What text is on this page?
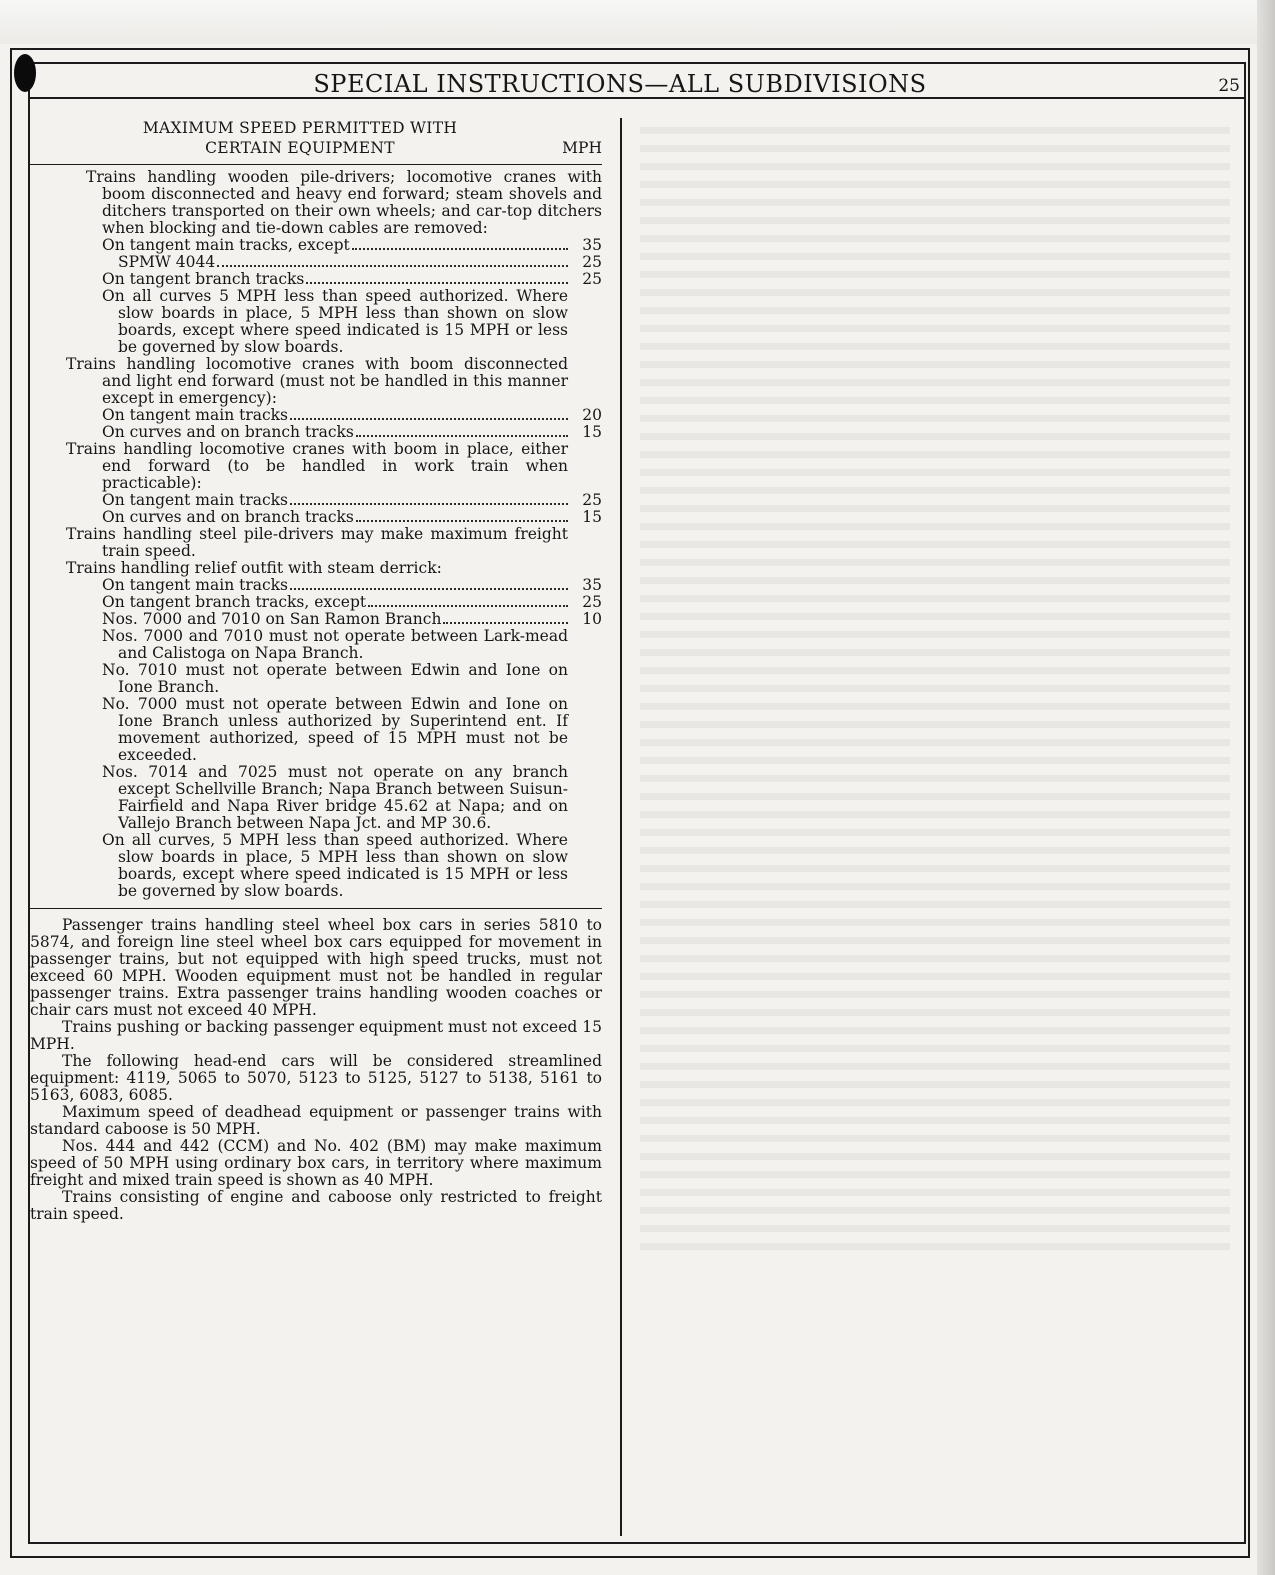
SPECIAL INSTRUCTIONS—ALL SUBDIVISIONS	25
MAXIMUM SPEED PERMITTED WITH
CERTAIN EQUIPMENT	MPH
Trains handling wooden pile-drivers; locomotive cranes with boom disconnected and heavy end forward; steam shovels and ditchers transported on their own wheels; and car-top ditchers when blocking and tie-down cables are removed:
On tangent main tracks, except	35
SPMW 4044	25
On tangent branch tracks	25
On all curves 5 MPH less than speed authorized. Where slow boards in place, 5 MPH less than shown on slow boards, except where speed indicated is 15 MPH or less be governed by slow boards.
Trains handling locomotive cranes with boom disconnected and light end forward (must not be handled in this manner except in emergency):
On tangent main tracks	20
On curves and on branch tracks	15
Trains handling locomotive cranes with boom in place, either end forward (to be handled in work train when practicable):
On tangent main tracks	25
On curves and on branch tracks	15
Trains handling steel pile-drivers may make maximum freight train speed.
Trains handling relief outfit with steam derrick:
On tangent main tracks	35
On tangent branch tracks, except	25
Nos. 7000 and 7010 on San Ramon Branch	10
Nos. 7000 and 7010 must not operate between Lark-mead and Calistoga on Napa Branch.
No. 7010 must not operate between Edwin and Ione on Ione Branch.
No. 7000 must not operate between Edwin and Ione on Ione Branch unless authorized by Superintend ent. If movement authorized, speed of 15 MPH must not be exceeded.
Nos. 7014 and 7025 must not operate on any branch except Schellville Branch; Napa Branch between Suisun-Fairfield and Napa River bridge 45.62 at Napa; and on Vallejo Branch between Napa Jct. and MP 30.6.
On all curves, 5 MPH less than speed authorized. Where slow boards in place, 5 MPH less than shown on slow boards, except where speed indicated is 15 MPH or less be governed by slow boards.
Passenger trains handling steel wheel box cars in series 5810 to 5874, and foreign line steel wheel box cars equipped for movement in passenger trains, but not equipped with high speed trucks, must not exceed 60 MPH. Wooden equipment must not be handled in regular passenger trains. Extra passenger trains handling wooden coaches or chair cars must not exceed 40 MPH.
Trains pushing or backing passenger equipment must not exceed 15 MPH.
The following head-end cars will be considered streamlined equipment: 4119, 5065 to 5070, 5123 to 5125, 5127 to 5138, 5161 to 5163, 6083, 6085.
Maximum speed of deadhead equipment or passenger trains with standard caboose is 50 MPH.
Nos. 444 and 442 (CCM) and No. 402 (BM) may make maximum speed of 50 MPH using ordinary box cars, in territory where maximum freight and mixed train speed is shown as 40 MPH.
Trains consisting of engine and caboose only restricted to freight train speed.
